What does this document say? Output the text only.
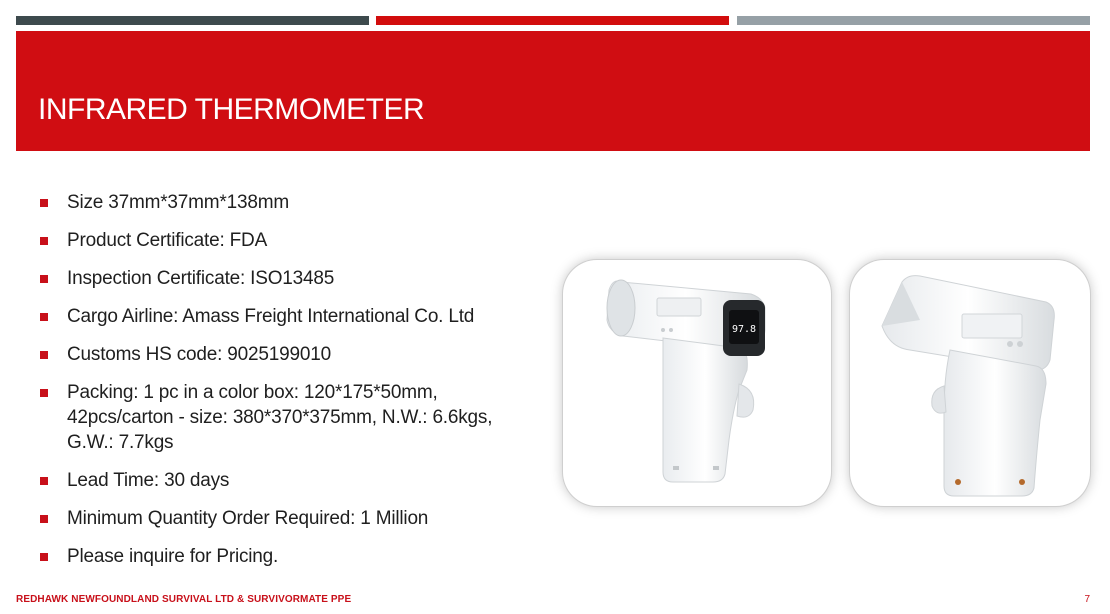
INFRARED THERMOMETER
Size 37mm*37mm*138mm
Product Certificate: FDA
Inspection Certificate: ISO13485
Cargo Airline: Amass Freight International Co. Ltd
Customs HS code: 9025199010
Packing: 1 pc in a color box: 120*175*50mm, 42pcs/carton - size: 380*370*375mm, N.W.: 6.6kgs, G.W.: 7.7kgs
Lead Time: 30 days
Minimum Quantity Order Required: 1 Million
Please inquire for Pricing.
97.8
REDHAWK NEWFOUNDLAND SURVIVAL LTD & SURVIVORMATE PPE	7
